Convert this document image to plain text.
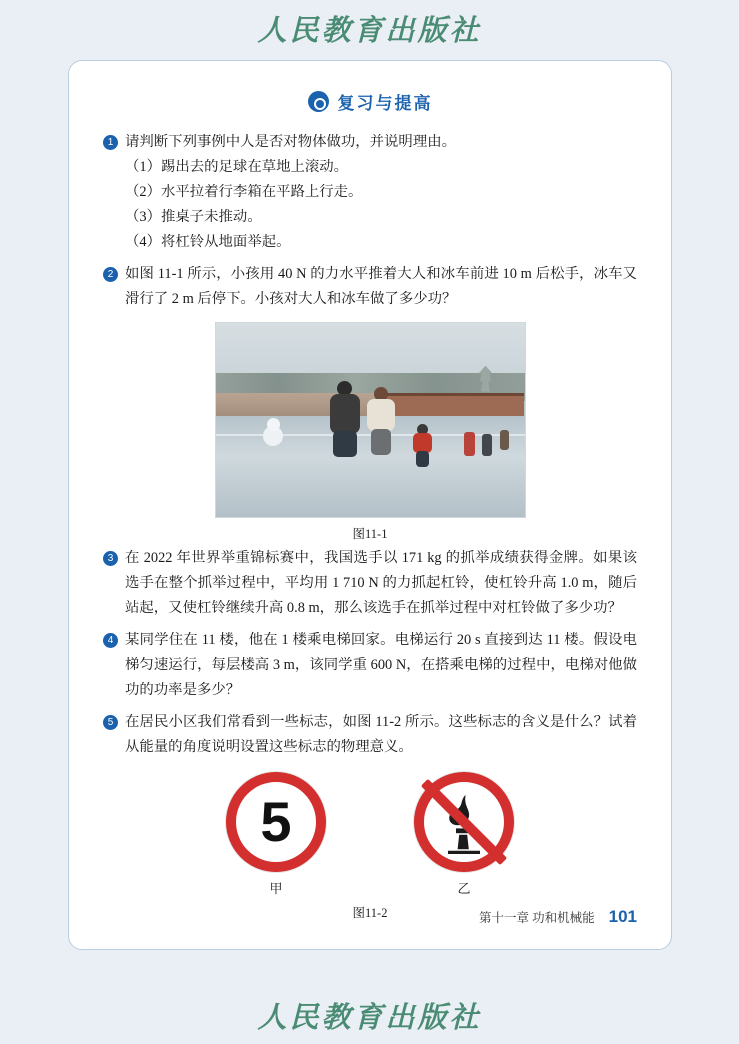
人民教育出版社
复习与提高
1 请判断下列事例中人是否对物体做功，并说明理由。
（1）踢出去的足球在草地上滚动。
（2）水平拉着行李箱在平路上行走。
（3）推桌子未推动。
（4）将杠铃从地面举起。
2 如图 11-1 所示，小孩用 40 N 的力水平推着大人和冰车前进 10 m 后松手，冰车又滑行了 2 m 后停下。小孩对大人和冰车做了多少功？
图11-1
3 在 2022 年世界举重锦标赛中，我国选手以 171 kg 的抓举成绩获得金牌。如果该选手在整个抓举过程中，平均用 1 710 N 的力抓起杠铃，使杠铃升高 1.0 m，随后站起，又使杠铃继续升高 0.8 m，那么该选手在抓举过程中对杠铃做了多少功？
4 某同学住在 11 楼，他在 1 楼乘电梯回家。电梯运行 20 s 直接到达 11 楼。假设电梯匀速运行，每层楼高 3 m，该同学重 600 N，在搭乘电梯的过程中，电梯对他做功的功率是多少？
5 在居民小区我们常看到一些标志，如图 11-2 所示。这些标志的含义是什么？试着从能量的角度说明设置这些标志的物理意义。
5
甲	乙
图11-2	第十一章 功和机械能 101
人民教育出版社
